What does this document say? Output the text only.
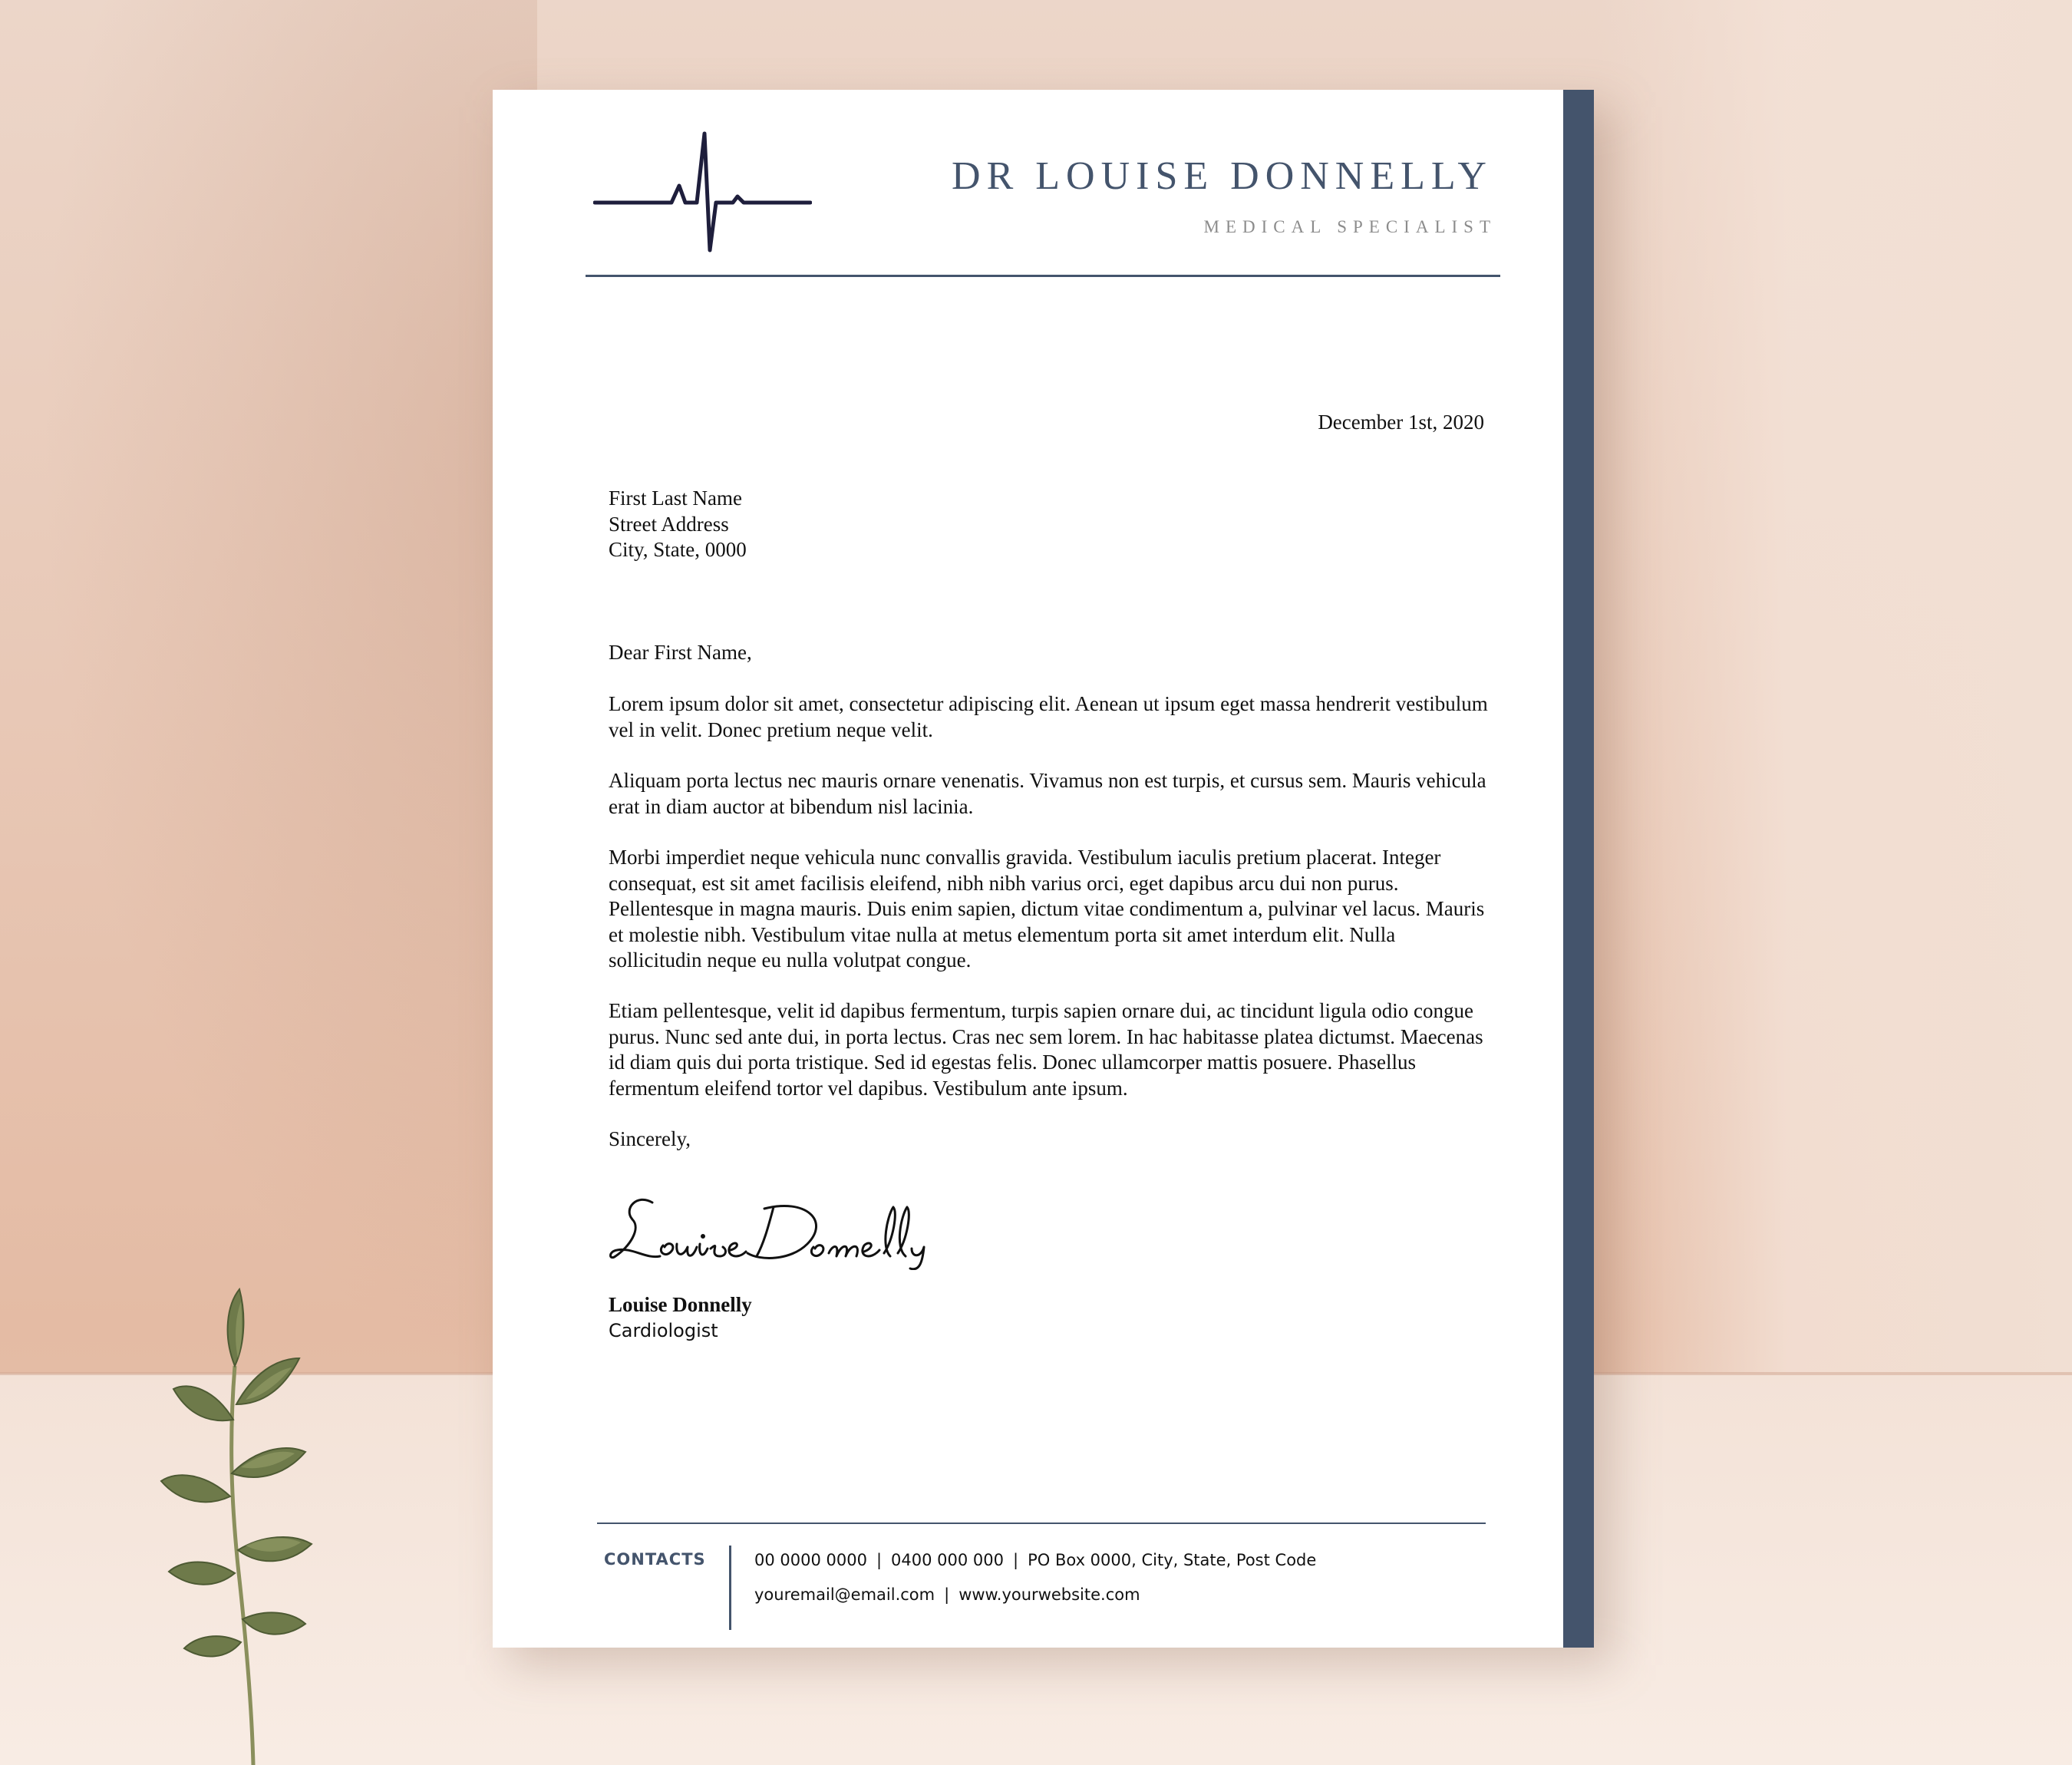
DR LOUISE DONNELLY
MEDICAL SPECIALIST
December 1st, 2020
First Last Name
Street Address
City, State, 0000
Dear First Name,
Lorem ipsum dolor sit amet, consectetur adipiscing elit. Aenean ut ipsum eget massa hendrerit vestibulum vel in velit. Donec pretium neque velit.
Aliquam porta lectus nec mauris ornare venenatis. Vivamus non est turpis, et cursus sem. Mauris vehicula erat in diam auctor at bibendum nisl lacinia.
Morbi imperdiet neque vehicula nunc convallis gravida. Vestibulum iaculis pretium placerat. Integer consequat, est sit amet facilisis eleifend, nibh nibh varius orci, eget dapibus arcu dui non purus. Pellentesque in magna mauris. Duis enim sapien, dictum vitae condimentum a, pulvinar vel lacus. Mauris et molestie nibh. Vestibulum vitae nulla at metus elementum porta sit amet interdum elit. Nulla sollicitudin neque eu nulla volutpat congue.
Etiam pellentesque, velit id dapibus fermentum, turpis sapien ornare dui, ac tincidunt ligula odio congue purus. Nunc sed ante dui, in porta lectus. Cras nec sem lorem. In hac habitasse platea dictumst. Maecenas id diam quis dui porta tristique. Sed id egestas felis. Donec ullamcorper mattis posuere. Phasellus fermentum eleifend tortor vel dapibus. Vestibulum ante ipsum.
Sincerely,
Louise Donnelly
Cardiologist
CONTACTS	00 0000 0000 | 0400 000 000 | PO Box 0000, City, State, Post Code
youremail@email.com | www.yourwebsite.com
